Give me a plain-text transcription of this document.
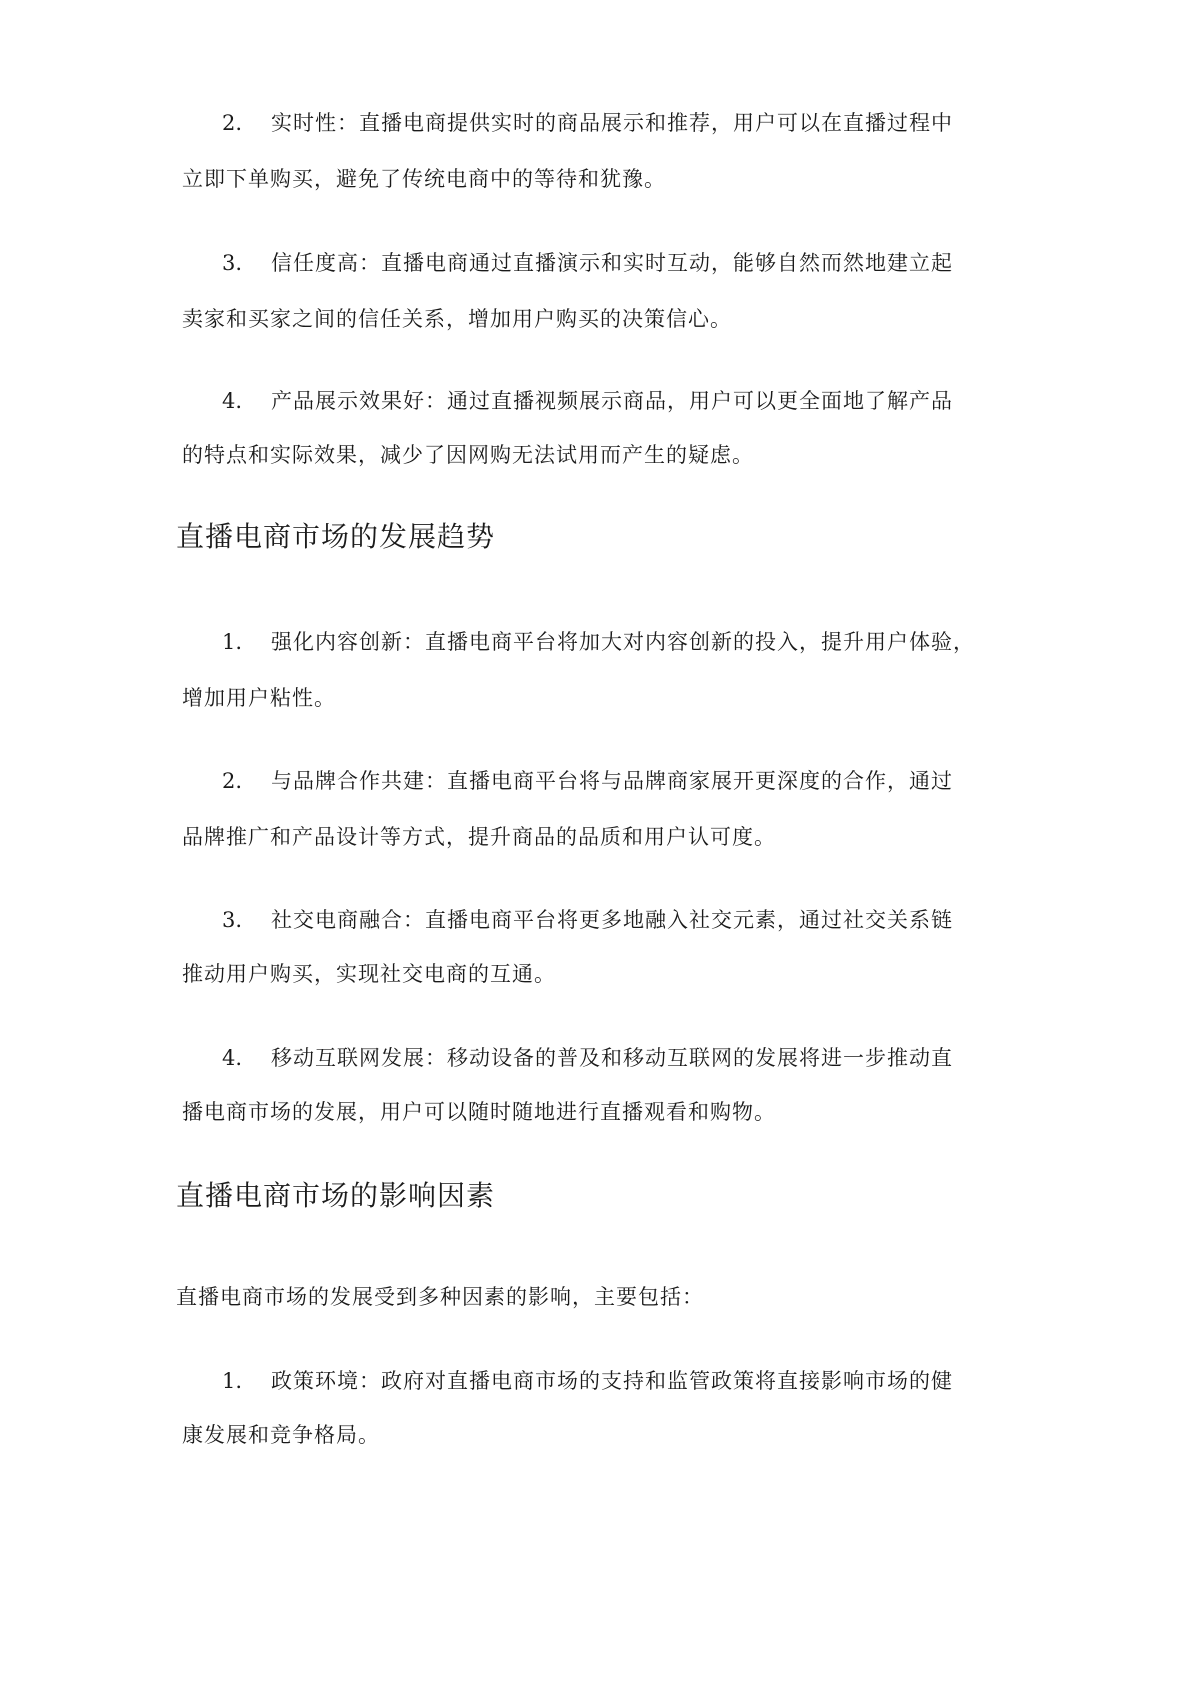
2. 实时性：直播电商提供实时的商品展示和推荐，用户可以在直播过程中
立即下单购买，避免了传统电商中的等待和犹豫。
3. 信任度高：直播电商通过直播演示和实时互动，能够自然而然地建立起
卖家和买家之间的信任关系，增加用户购买的决策信心。
4. 产品展示效果好：通过直播视频展示商品，用户可以更全面地了解产品
的特点和实际效果，减少了因网购无法试用而产生的疑虑。
直播电商市场的发展趋势
1. 强化内容创新：直播电商平台将加大对内容创新的投入，提升用户体验，
增加用户粘性。
2. 与品牌合作共建：直播电商平台将与品牌商家展开更深度的合作，通过
品牌推广和产品设计等方式，提升商品的品质和用户认可度。
3. 社交电商融合：直播电商平台将更多地融入社交元素，通过社交关系链
推动用户购买，实现社交电商的互通。
4. 移动互联网发展：移动设备的普及和移动互联网的发展将进一步推动直
播电商市场的发展，用户可以随时随地进行直播观看和购物。
直播电商市场的影响因素
直播电商市场的发展受到多种因素的影响，主要包括：
1. 政策环境：政府对直播电商市场的支持和监管政策将直接影响市场的健
康发展和竞争格局。
